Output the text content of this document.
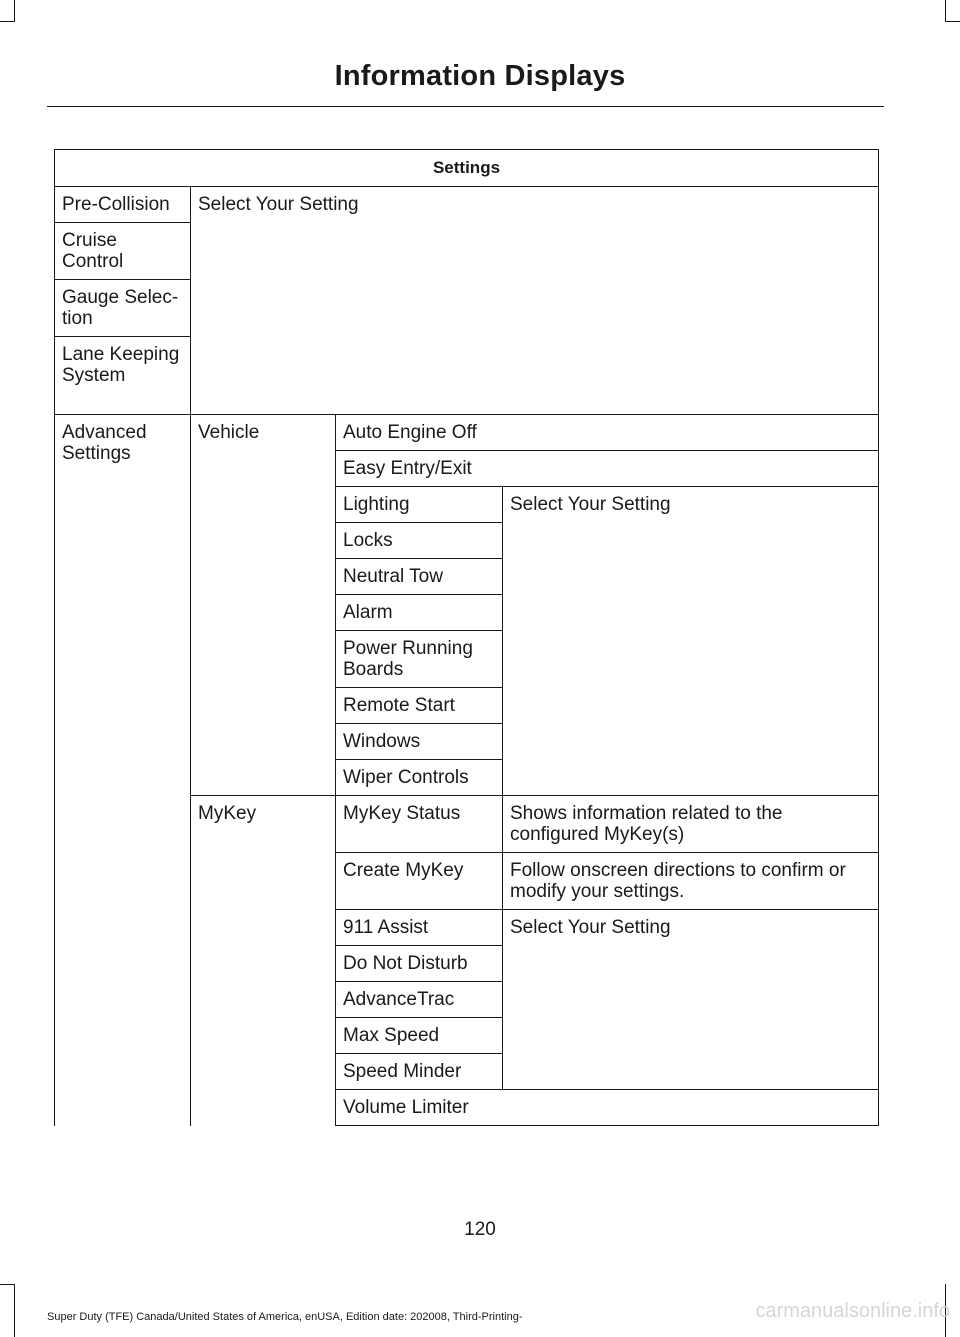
Information Displays
Settings			
Pre-Collision	Select Your Setting		
Cruise Control			
Gauge Selec- tion			
Lane Keeping System			
Advanced Settings	Vehicle	Auto Engine Off	
		Easy Entry/Exit	
		Lighting	Select Your Setting
		Locks	
		Neutral Tow	
		Alarm	
		Power Running Boards	
		Remote Start	
		Windows	
		Wiper Controls	
	MyKey	MyKey Status	Shows information related to the configured MyKey(s)
		Create MyKey	Follow onscreen directions to confirm or modify your settings.
		911 Assist	Select Your Setting
		Do Not Disturb	
		AdvanceTrac	
		Max Speed	
		Speed Minder	
		Volume Limiter	
120
Super Duty (TFE) Canada/United States of America, enUSA, Edition date: 202008, Third-Printing-	carmanualsonline.info
